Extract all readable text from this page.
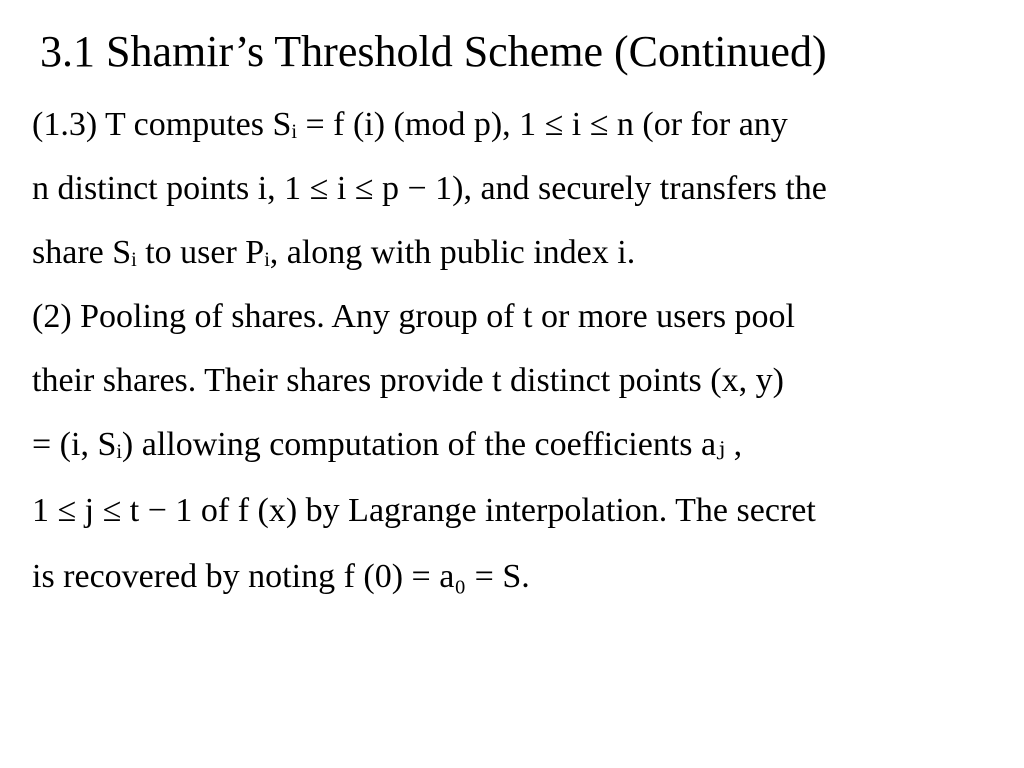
3.1 Shamir’s Threshold Scheme (Continued)
(1.3) T computes Sᵢ = f (i) (mod p), 1 ≤ i ≤ n (or for any
n distinct points i, 1 ≤ i ≤ p − 1), and securely transfers the
share Sᵢ to user Pᵢ, along with public index i.
(2) Pooling of shares. Any group of t or more users pool
their shares. Their shares provide t distinct points (x, y)
= (i, Sᵢ) allowing computation of the coefficients aⱼ ,
1 ≤ j ≤ t − 1 of f (x) by Lagrange interpolation. The secret
is recovered by noting f (0) = a₀ = S.
